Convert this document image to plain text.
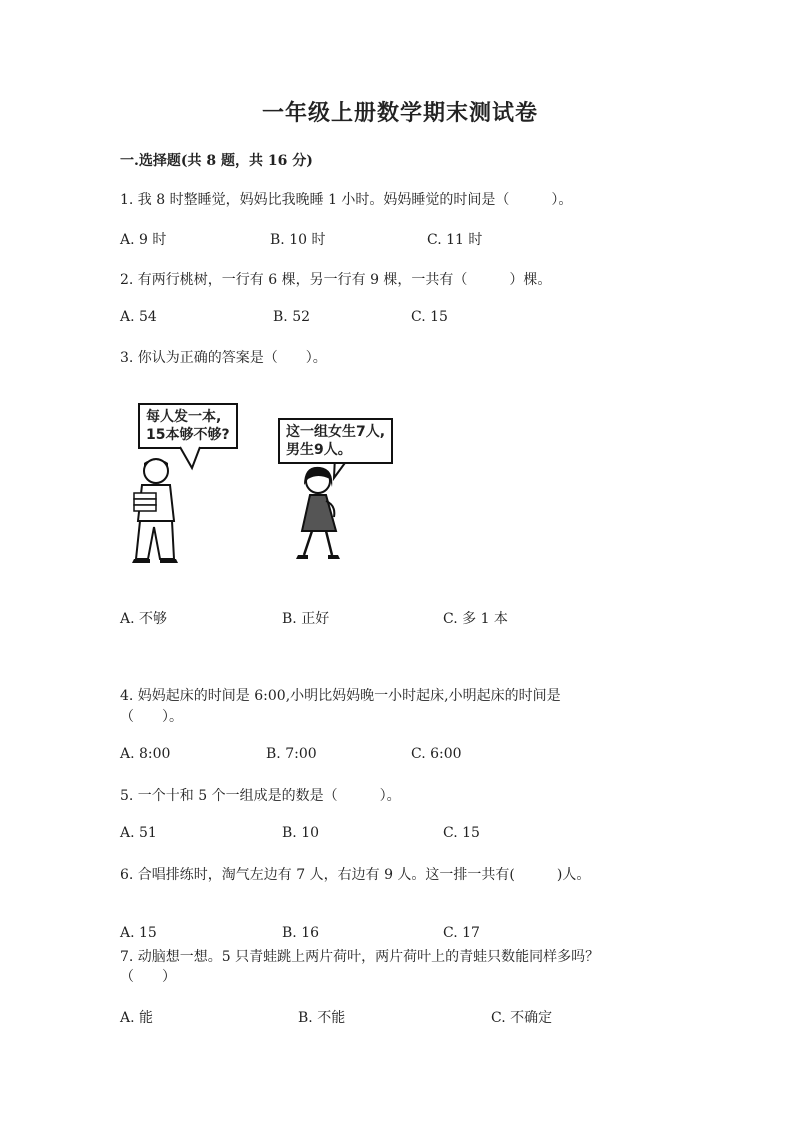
一年级上册数学期末测试卷
一.选择题(共 8 题，共 16 分)
1. 我 8 时整睡觉，妈妈比我晚睡 1 小时。妈妈睡觉的时间是（　　　）。
A. 9 时	B. 10 时	C. 11 时
2. 有两行桃树，一行有 6 棵，另一行有 9 棵，一共有（　　　）棵。
A. 54	B. 52	C. 15
3. 你认为正确的答案是（　　）。
每人发一本,
15本够不够?	这一组女生7人,
男生9人。
A. 不够	B. 正好	C. 多 1 本
4. 妈妈起床的时间是 6:00,小明比妈妈晚一小时起床,小明起床的时间是
（　　）。
A. 8:00	B. 7:00	C. 6:00
5. 一个十和 5 个一组成是的数是（　　　）。
A. 51	B. 10	C. 15
6. 合唱排练时，淘气左边有 7 人，右边有 9 人。这一排一共有(　　　)人。
A. 15	B. 16	C. 17
7. 动脑想一想。5 只青蛙跳上两片荷叶，两片荷叶上的青蛙只数能同样多吗？
（　　）
A. 能	B. 不能	C. 不确定
